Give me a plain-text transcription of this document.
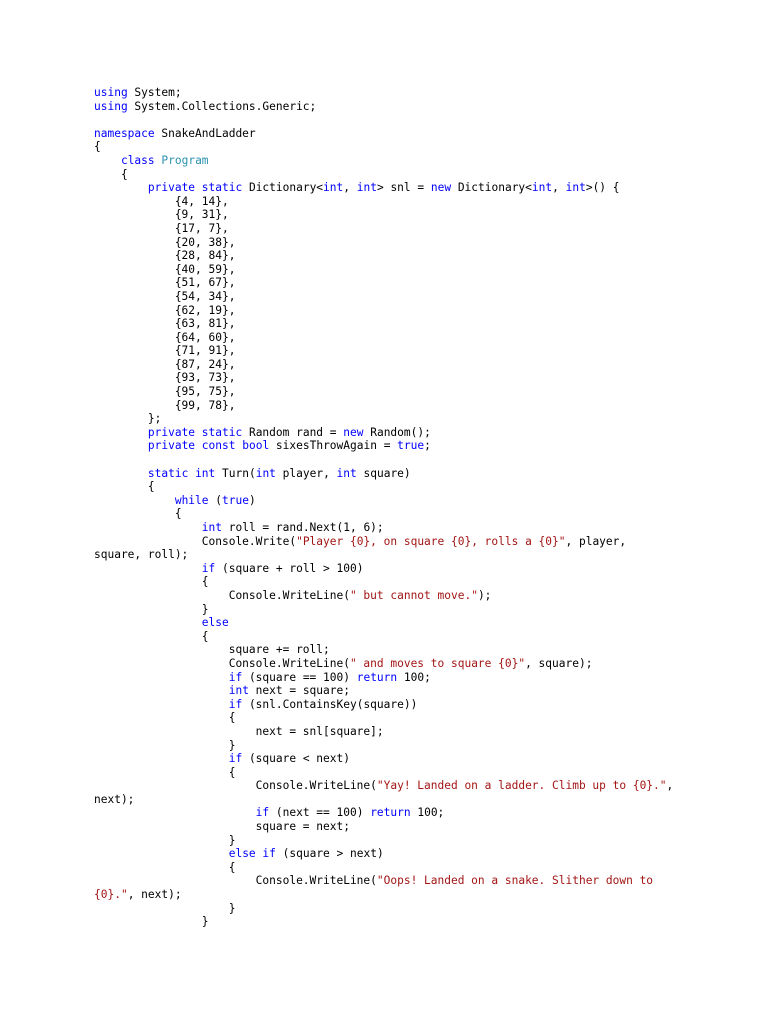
using System;
using System.Collections.Generic;

namespace SnakeAndLadder
{
class Program
{
private static Dictionary<int, int> snl = new Dictionary<int, int>() {
{4, 14},
{9, 31},
{17, 7},
{20, 38},
{28, 84},
{40, 59},
{51, 67},
{54, 34},
{62, 19},
{63, 81},
{64, 60},
{71, 91},
{87, 24},
{93, 73},
{95, 75},
{99, 78},
};
private static Random rand = new Random();
private const bool sixesThrowAgain = true;

static int Turn(int player, int square)
{
while (true)
{
int roll = rand.Next(1, 6);
Console.Write("Player {0}, on square {0}, rolls a {0}", player,
square, roll);
if (square + roll > 100)
{
Console.WriteLine(" but cannot move.");
}
else
{
square += roll;
Console.WriteLine(" and moves to square {0}", square);
if (square == 100) return 100;
int next = square;
if (snl.ContainsKey(square))
{
next = snl[square];
}
if (square < next)
{
Console.WriteLine("Yay! Landed on a ladder. Climb up to {0}.",
next);
if (next == 100) return 100;
square = next;
}
else if (square > next)
{
Console.WriteLine("Oops! Landed on a snake. Slither down to
{0}.", next);
}
}
